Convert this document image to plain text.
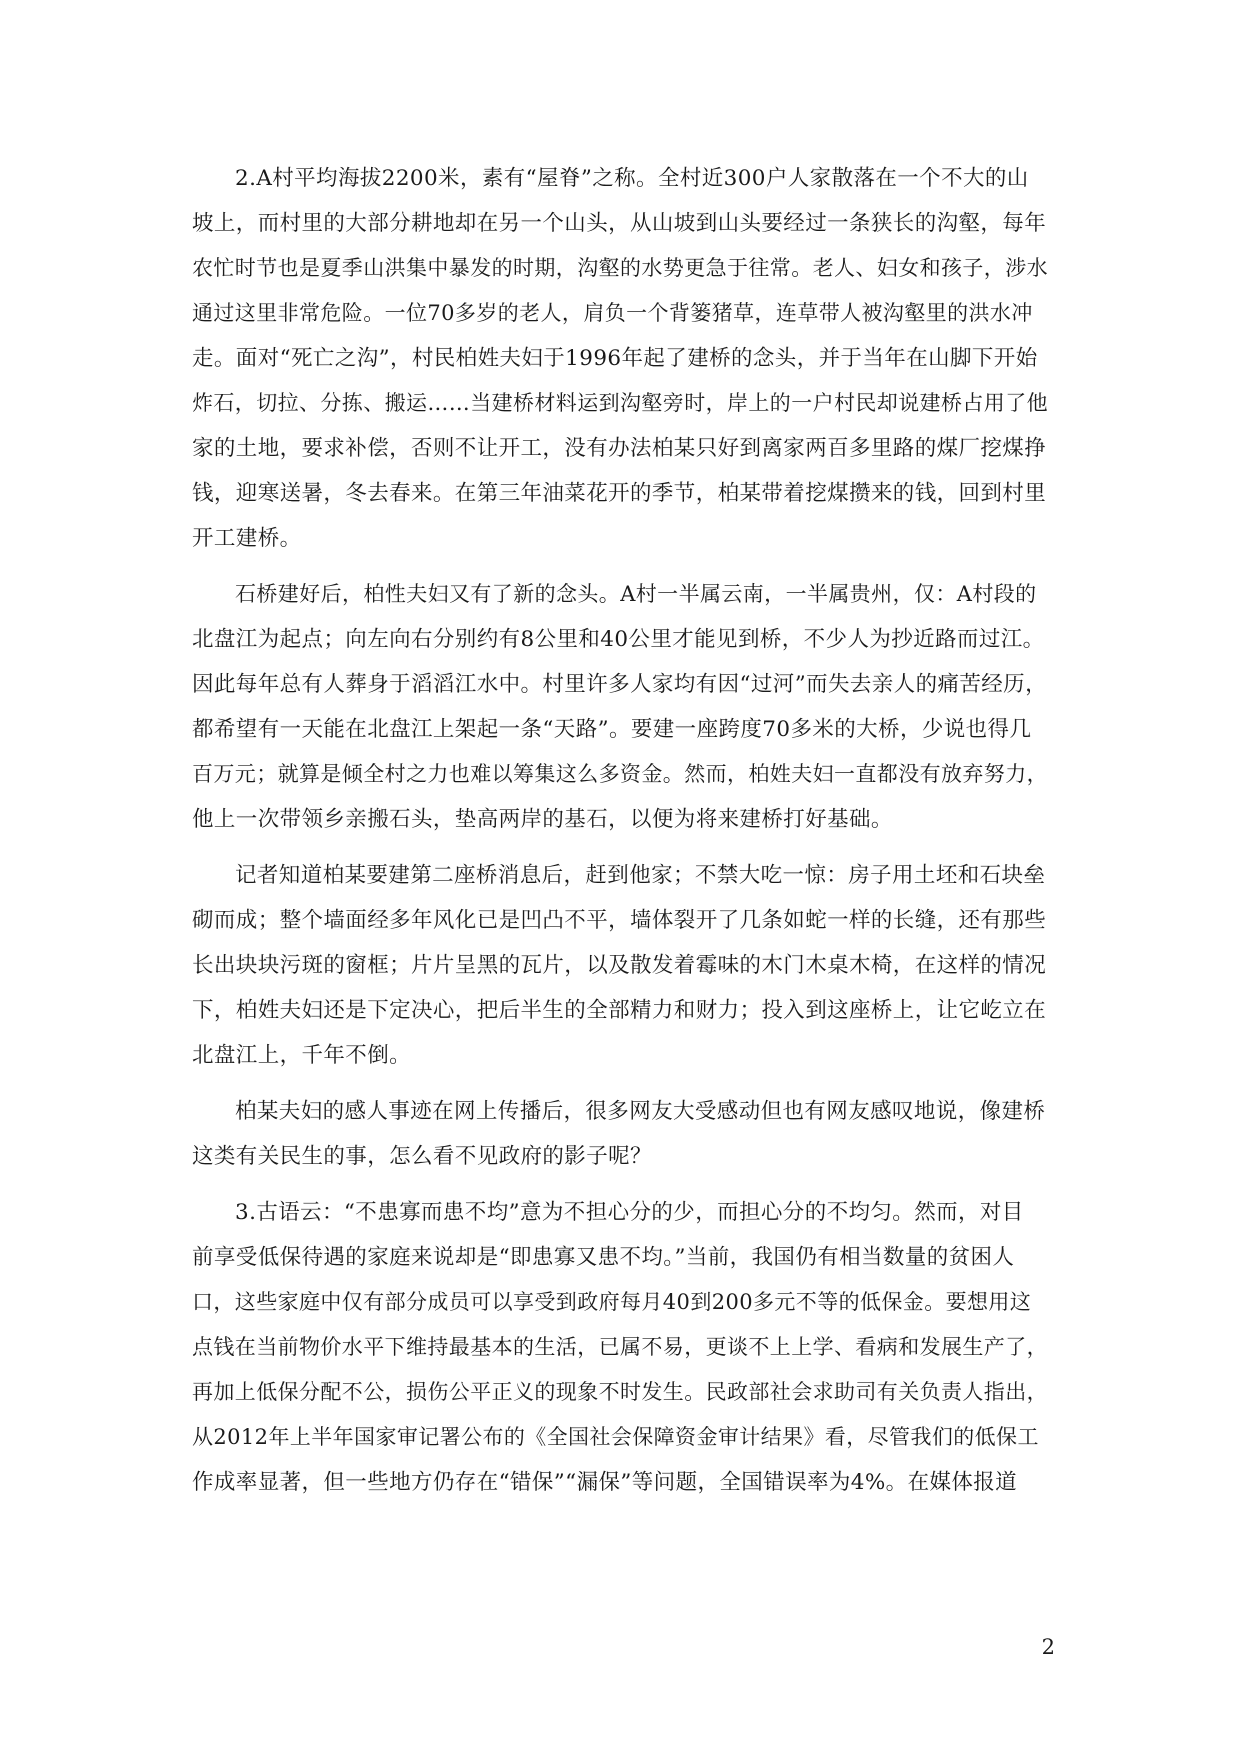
2.A村平均海拔2200米，素有“屋脊”之称。全村近300户人家散落在一个不大的山
坡上，而村里的大部分耕地却在另一个山头，从山坡到山头要经过一条狭长的沟壑，每年
农忙时节也是夏季山洪集中暴发的时期，沟壑的水势更急于往常。老人、妇女和孩子，涉水
通过这里非常危险。一位70多岁的老人，肩负一个背篓猪草，连草带人被沟壑里的洪水冲
走。面对“死亡之沟”，村民柏姓夫妇于1996年起了建桥的念头，并于当年在山脚下开始
炸石，切拉、分拣、搬运……当建桥材料运到沟壑旁时，岸上的一户村民却说建桥占用了他
家的土地，要求补偿，否则不让开工，没有办法柏某只好到离家两百多里路的煤厂挖煤挣
钱，迎寒送暑，冬去春来。在第三年油菜花开的季节，柏某带着挖煤攒来的钱，回到村里
开工建桥。
石桥建好后，柏性夫妇又有了新的念头。A村一半属云南，一半属贵州，仅：A村段的
北盘江为起点；向左向右分别约有8公里和40公里才能见到桥，不少人为抄近路而过江。
因此每年总有人葬身于滔滔江水中。村里许多人家均有因“过河”而失去亲人的痛苦经历，
都希望有一天能在北盘江上架起一条“天路”。要建一座跨度70多米的大桥，少说也得几
百万元；就算是倾全村之力也难以筹集这么多资金。然而，柏姓夫妇一直都没有放弃努力，
他上一次带领乡亲搬石头，垫高两岸的基石，以便为将来建桥打好基础。
记者知道柏某要建第二座桥消息后，赶到他家；不禁大吃一惊：房子用土坯和石块垒
砌而成；整个墙面经多年风化已是凹凸不平，墙体裂开了几条如蛇一样的长缝，还有那些
长出块块污斑的窗框；片片呈黑的瓦片，以及散发着霉味的木门木桌木椅，在这样的情况
下，柏姓夫妇还是下定决心，把后半生的全部精力和财力；投入到这座桥上，让它屹立在
北盘江上，千年不倒。
柏某夫妇的感人事迹在网上传播后，很多网友大受感动但也有网友感叹地说，像建桥
这类有关民生的事，怎么看不见政府的影子呢？
3.古语云：“不患寡而患不均”意为不担心分的少，而担心分的不均匀。然而，对目
前享受低保待遇的家庭来说却是“即患寡又患不均。”当前，我国仍有相当数量的贫困人
口，这些家庭中仅有部分成员可以享受到政府每月40到200多元不等的低保金。要想用这
点钱在当前物价水平下维持最基本的生活，已属不易，更谈不上上学、看病和发展生产了，
再加上低保分配不公，损伤公平正义的现象不时发生。民政部社会求助司有关负责人指出，
从2012年上半年国家审记署公布的《全国社会保障资金审计结果》看，尽管我们的低保工
作成率显著，但一些地方仍存在“错保”“漏保”等问题，全国错误率为4%。在媒体报道
2
